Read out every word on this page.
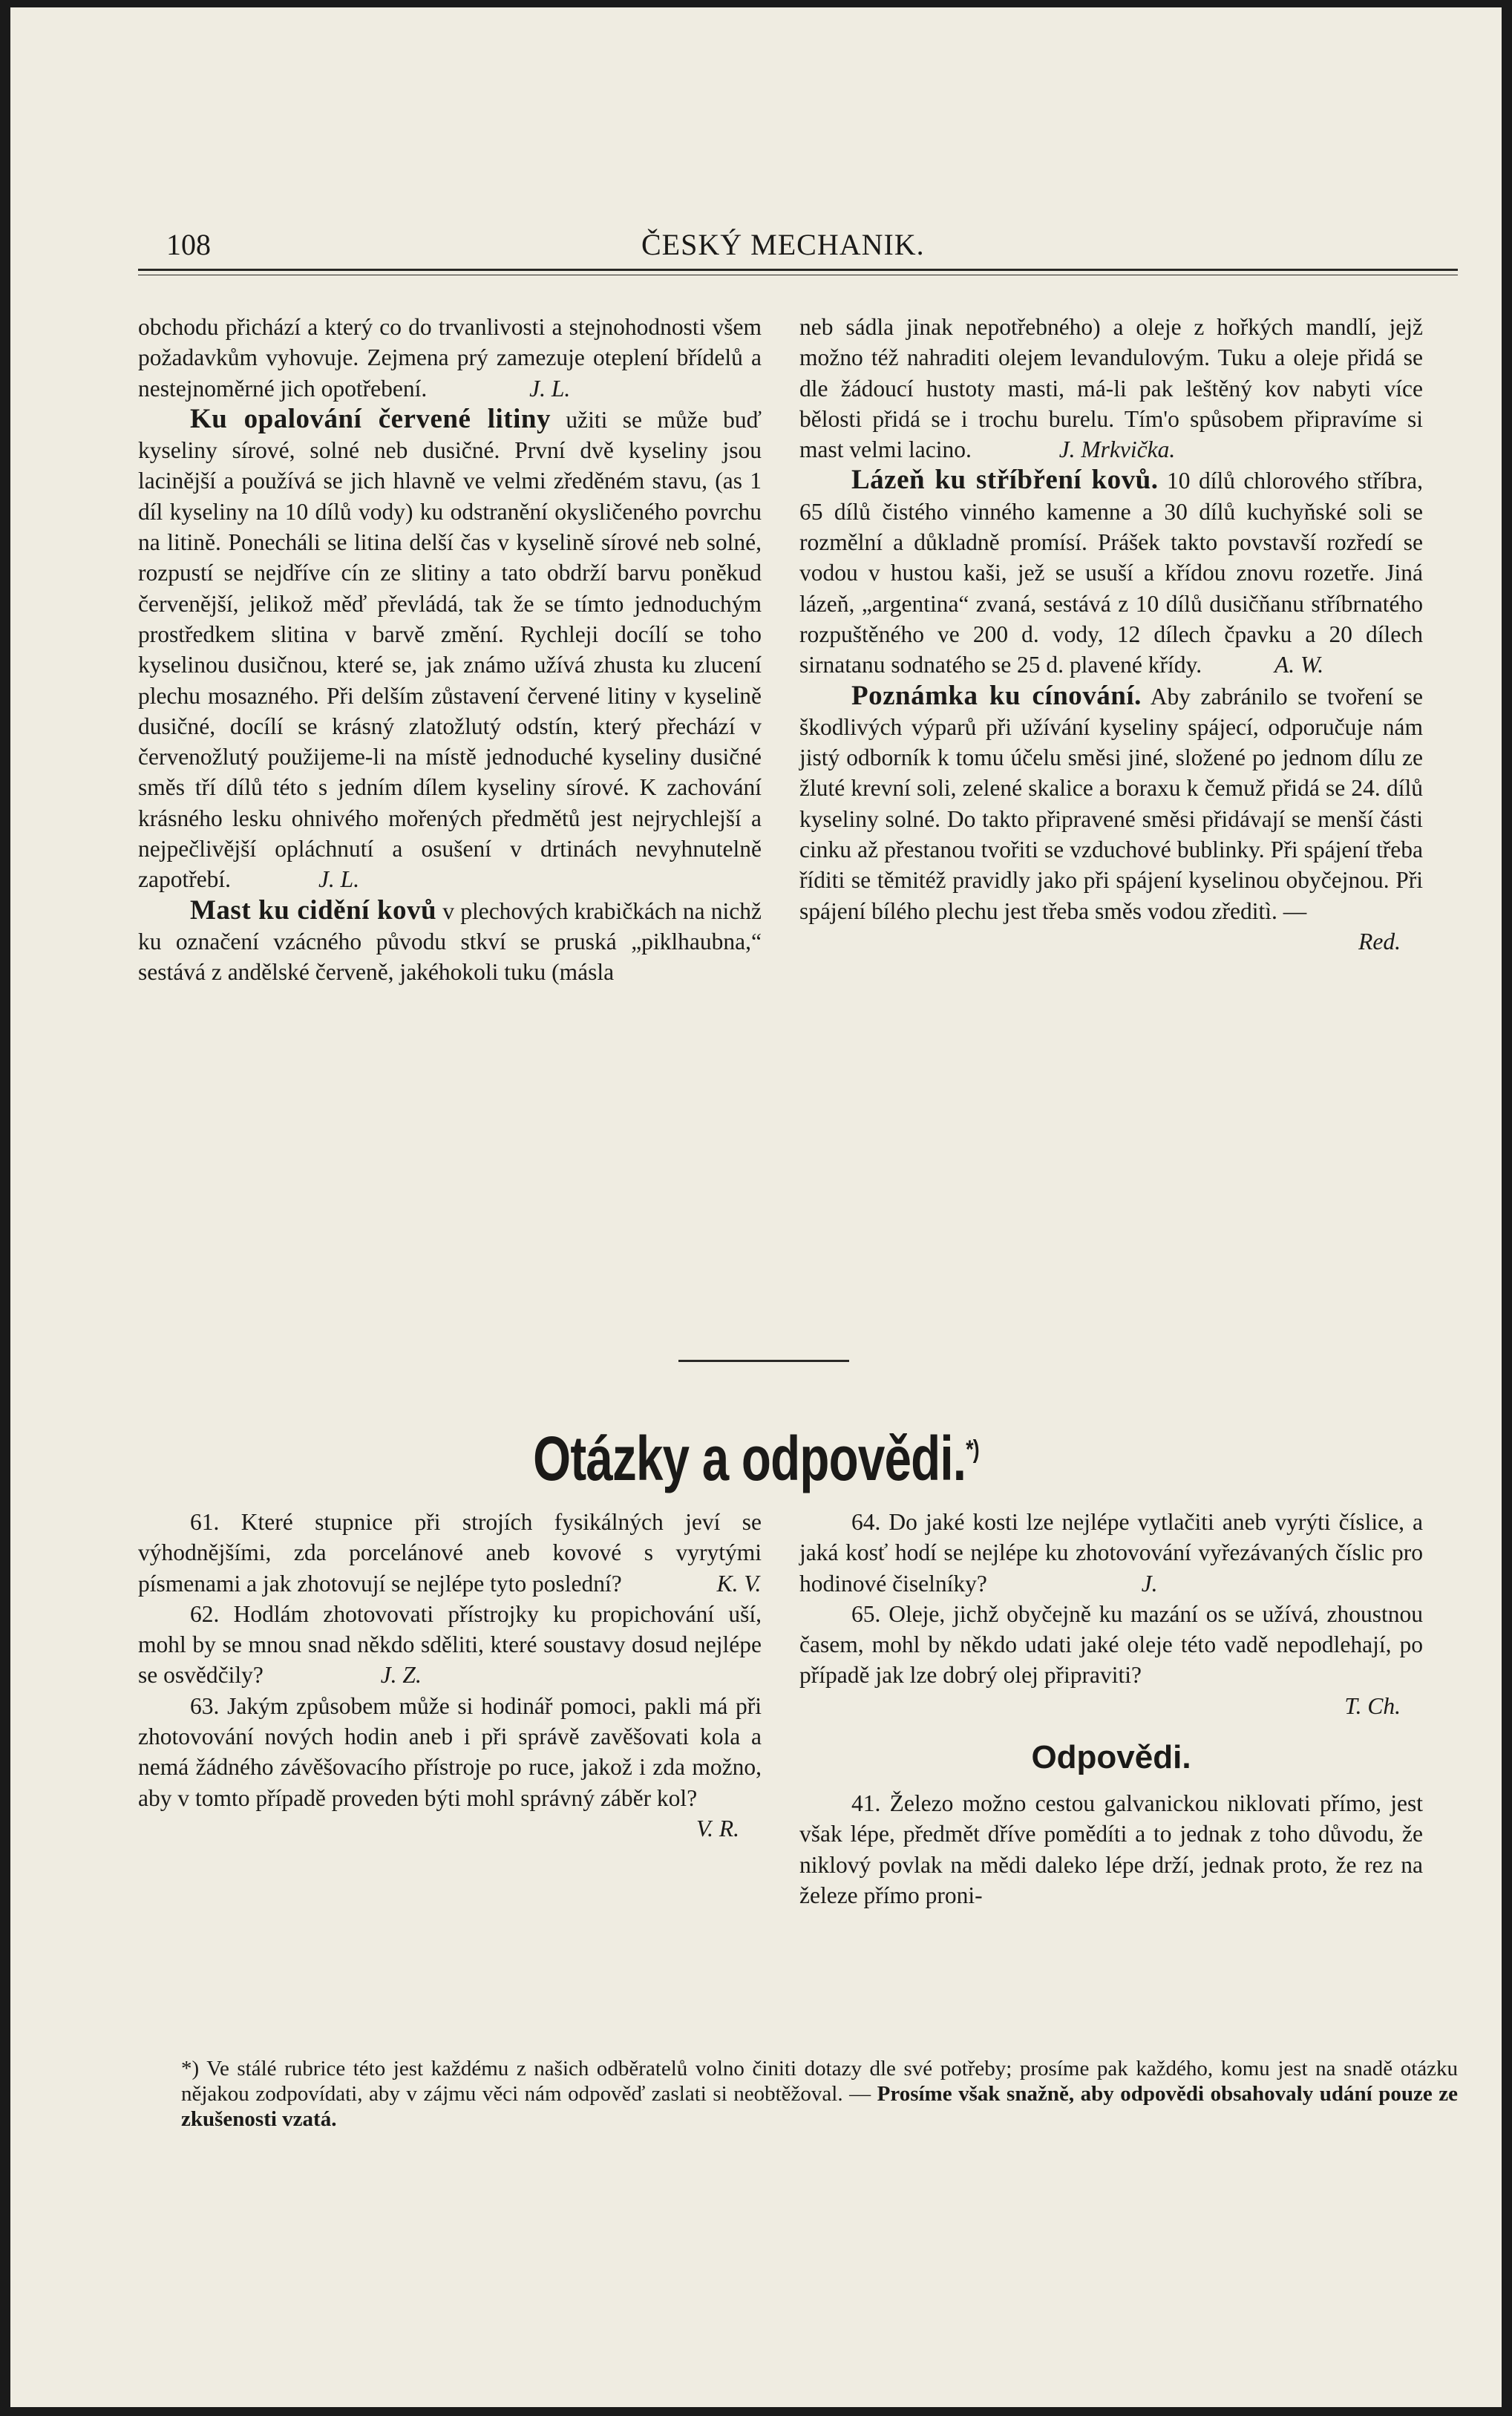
108	ČESKÝ MECHANIK.

obchodu přichází a který co do trvanlivosti a stejnohodnosti všem požadavkům vyhovuje. Zejmena prý zamezuje oteplení břídelů a nestejnoměrné jich opotřebení.	J. L.

Ku opalování červené litiny užiti se může buď kyseliny sírové, solné neb dusičné. První dvě kyseliny jsou lacinější a používá se jich hlavně ve velmi zředěném stavu, (as 1 díl kyseliny na 10 dílů vody) ku odstranění okysličeného povrchu na litině. Ponecháli se litina delší čas v kyselině sírové neb solné, rozpustí se nejdříve cín ze slitiny a tato obdrží barvu poněkud červenější, jelikož měď převládá, tak že se tímto jednoduchým prostředkem slitina v barvě změní. Rychleji docílí se toho kyselinou dusičnou, které se, jak známo užívá zhusta ku zlucení plechu mosazného. Při delším zůstavení červené litiny v kyselině dusičné, docílí se krásný zlatožlutý odstín, který přechází v červenožlutý použijeme-li na místě jednoduché kyseliny dusičné směs tří dílů této s jedním dílem kyseliny sírové. K zachování krásného lesku ohnivého mořených předmětů jest nejrychlejší a nejpečlivější opláchnutí a osušení v drtinách nevyhnutelně zapotřebí.	J. L.

Mast ku cidění kovů v plechových krabičkách na nichž ku označení vzácného původu stkví se pruská „piklhaubna,“ sestává z andělské červeně, jakéhokoli tuku (másla

neb sádla jinak nepotřebného) a oleje z hořkých mandlí, jejž možno též nahraditi olejem levandulovým. Tuku a oleje přidá se dle žádoucí hustoty masti, má-li pak leštěný kov nabyti více bělosti přidá se i trochu burelu. Tím'o spůsobem připravíme si mast velmi lacino.	J. Mrkvička.

Lázeň ku stříbření kovů. 10 dílů chlorového stříbra, 65 dílů čistého vinného kamenne a 30 dílů kuchyňské soli se rozmělní a důkladně promísí. Prášek takto povstavší rozředí se vodou v hustou kaši, jež se usuší a křídou znovu rozetře. Jiná lázeň, „argentina“ zvaná, sestává z 10 dílů dusičňanu stříbrnatého rozpuštěného ve 200 d. vody, 12 dílech čpavku a 20 dílech sirnatanu sodnatého se 25 d. plavené křídy.	A. W.

Poznámka ku cínování. Aby zabránilo se tvoření se škodlivých výparů při užívání kyseliny spájecí, odporučuje nám jistý odborník k tomu účelu směsi jiné, složené po jednom dílu ze žluté krevní soli, zelené skalice a boraxu k čemuž přidá se 24. dílů kyseliny solné. Do takto připravené směsi přidávají se menší části cinku až přestanou tvořiti se vzduchové bublinky. Při spájení třeba říditi se těmitéž pravidly jako při spájení kyselinou obyčejnou. Při spájení bílého plechu jest třeba směs vodou zředitì. —

Red.

Otázky a odpovědi.*)

61. Které stupnice při strojích fysikálných jeví se výhodnějšími, zda porcelánové aneb kovové s vyrytými písmenami a jak zhotovují se nejlépe tyto poslední?	K. V.

62. Hodlám zhotovovati přístrojky ku propichování uší, mohl by se mnou snad někdo sděliti, které soustavy dosud nejlépe se osvědčily?	J. Z.

63. Jakým způsobem může si hodinář pomoci, pakli má při zhotovování nových hodin aneb i při správě zavěšovati kola a nemá žádného závěšovacího přístroje po ruce, jakož i zda možno, aby v tomto případě proveden býti mohl správný záběr kol?

V. R.

64. Do jaké kosti lze nejlépe vytlačiti aneb vyrýti číslice, a jaká kosť hodí se nejlépe ku zhotovování vyřezávaných číslic pro hodinové čiselníky?	J.

65. Oleje, jichž obyčejně ku mazání os se užívá, zhoustnou časem, mohl by někdo udati jaké oleje této vadě nepodlehají, po případě jak lze dobrý olej připraviti?

T. Ch.

Odpovědi.

41. Železo možno cestou galvanickou niklovati přímo, jest však lépe, předmět dříve pomědíti a to jednak z toho důvodu, že niklový povlak na mědi daleko lépe drží, jednak proto, že rez na železe přímo proni-

*) Ve stálé rubrice této jest každému z našich odběratelů volno činiti dotazy dle své potřeby; prosíme pak každého, komu jest na snadě otázku nějakou zodpovídati, aby v zájmu věci nám odpověď zaslati si neobtěžoval. — Prosíme však snažně, aby odpovědi obsahovaly udání pouze ze zkušenosti vzatá.
